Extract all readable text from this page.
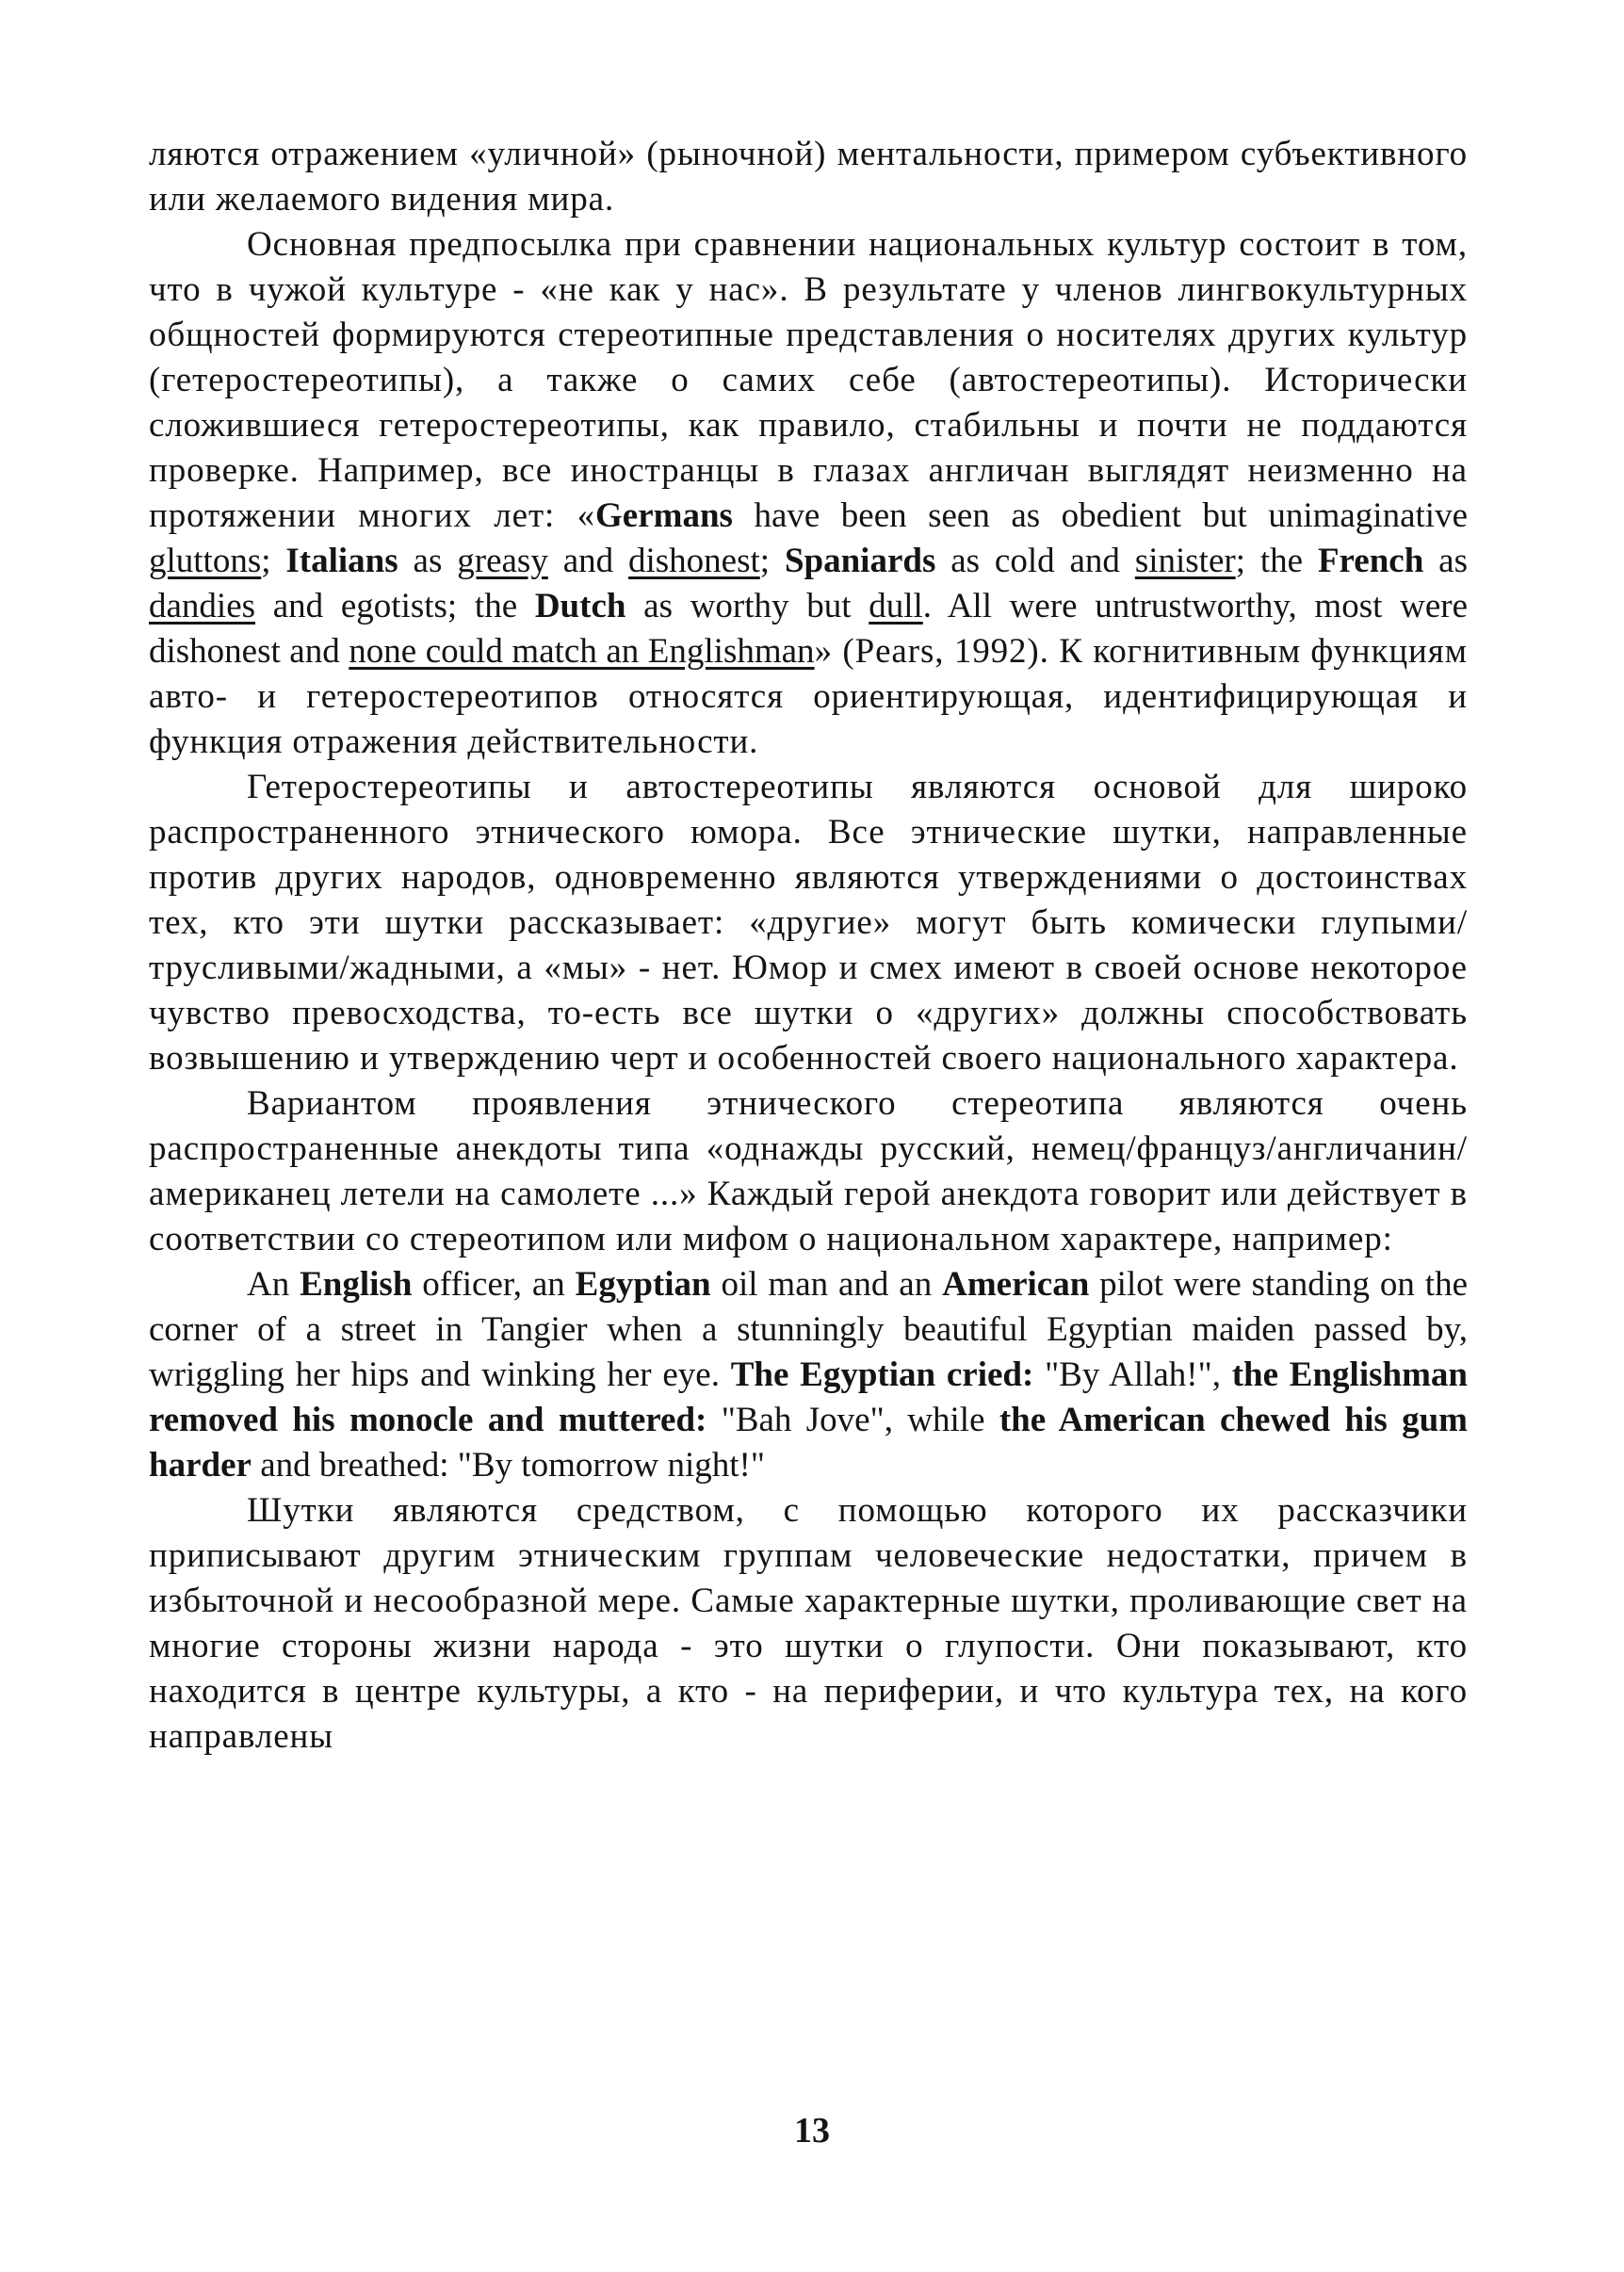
ляются отражением «уличной» (рыночной) ментальности, примером субъективного или желаемого видения мира.

Основная предпосылка при сравнении национальных культур состоит в том, что в чужой культуре - «не как у нас». В результате у членов лингвокультурных общностей формируются стереотипные представления о носителях других культур (гетеростереотипы), а также о самих себе (автостереотипы). Исторически сложившиеся гетеростереотипы, как правило, стабильны и почти не поддаются проверке. Например, все иностранцы в глазах англичан выглядят неизменно на протяжении многих лет: «Germans have been seen as obedient but unimaginative gluttons; Italians as greasy and dishonest; Spaniards as cold and sinister; the French as dandies and egotists; the Dutch as worthy but dull. All were untrustworthy, most were dishonest and none could match an Englishman» (Pears, 1992). К когнитивным функциям авто- и гетеростереотипов относятся ориентирующая, идентифицирующая и функция отражения действительности.

Гетеростереотипы и автостереотипы являются основой для широко распространенного этнического юмора. Все этнические шутки, направленные против других народов, одновременно являются утверждениями о достоинствах тех, кто эти шутки рассказывает: «другие» могут быть комически глупыми/трусливыми/жадными, а «мы» - нет. Юмор и смех имеют в своей основе некоторое чувство превосходства, то-есть все шутки о «других» должны способствовать возвышению и утверждению черт и особенностей своего национального характера.

Вариантом проявления этнического стереотипа являются очень распространенные анекдоты типа «однажды русский, немец/француз/англичанин/американец летели на самолете ...» Каждый герой анекдота говорит или действует в соответствии со стереотипом или мифом о национальном характере, например:

An English officer, an Egyptian oil man and an American pilot were standing on the corner of a street in Tangier when a stunningly beautiful Egyptian maiden passed by, wriggling her hips and winking her eye. The Egyptian cried: "By Allah!", the Englishman removed his monocle and muttered: "Bah Jove", while the American chewed his gum harder and breathed: "By tomorrow night!"

Шутки являются средством, с помощью которого их рассказчики приписывают другим этническим группам человеческие недостатки, причем в избыточной и несообразной мере. Самые характерные шутки, проливающие свет на многие стороны жизни народа - это шутки о глупости. Они показывают, кто находится в центре культуры, а кто - на периферии, и что культура тех, на кого направлены

13
